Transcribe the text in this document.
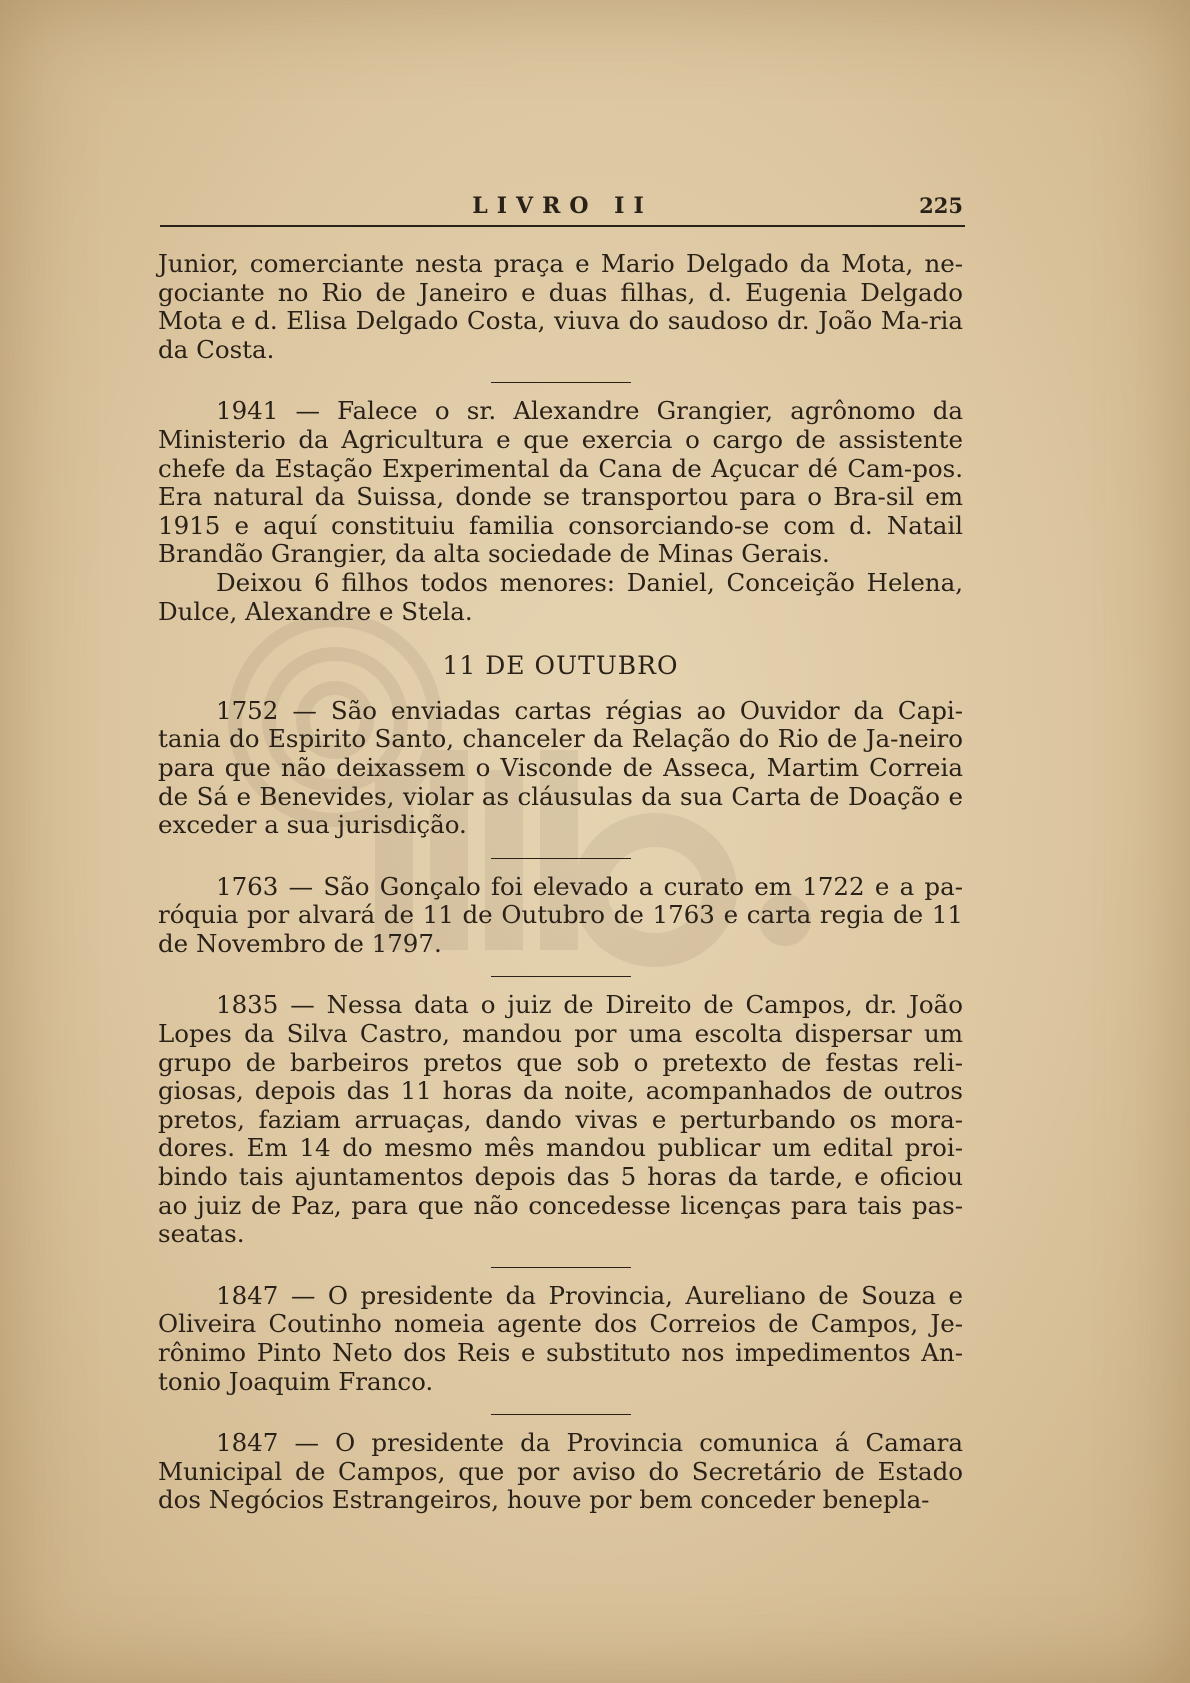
LIVRO II	225

Junior, comerciante nesta praça e Mario Delgado da Mota, ne-gociante no Rio de Janeiro e duas filhas, d. Eugenia Delgado Mota e d. Elisa Delgado Costa, viuva do saudoso dr. João Ma-ria da Costa.

1941 — Falece o sr. Alexandre Grangier, agrônomo da Ministerio da Agricultura e que exercia o cargo de assistente chefe da Estação Experimental da Cana de Açucar dé Cam-pos. Era natural da Suissa, donde se transportou para o Bra-sil em 1915 e aquí constituiu familia consorciando-se com d. Natail Brandão Grangier, da alta sociedade de Minas Gerais.

Deixou 6 filhos todos menores: Daniel, Conceição Helena, Dulce, Alexandre e Stela.

11 DE OUTUBRO

1752 — São enviadas cartas régias ao Ouvidor da Capi-tania do Espirito Santo, chanceler da Relação do Rio de Ja-neiro para que não deixassem o Visconde de Asseca, Martim Correia de Sá e Benevides, violar as cláusulas da sua Carta de Doação e exceder a sua jurisdição.

1763 — São Gonçalo foi elevado a curato em 1722 e a pa-róquia por alvará de 11 de Outubro de 1763 e carta regia de 11 de Novembro de 1797.

1835 — Nessa data o juiz de Direito de Campos, dr. João Lopes da Silva Castro, mandou por uma escolta dispersar um grupo de barbeiros pretos que sob o pretexto de festas reli-giosas, depois das 11 horas da noite, acompanhados de outros pretos, faziam arruaças, dando vivas e perturbando os mora-dores. Em 14 do mesmo mês mandou publicar um edital proi-bindo tais ajuntamentos depois das 5 horas da tarde, e oficiou ao juiz de Paz, para que não concedesse licenças para tais pas-seatas.

1847 — O presidente da Provincia, Aureliano de Souza e Oliveira Coutinho nomeia agente dos Correios de Campos, Je-rônimo Pinto Neto dos Reis e substituto nos impedimentos An-tonio Joaquim Franco.

1847 — O presidente da Provincia comunica á Camara Municipal de Campos, que por aviso do Secretário de Estado dos Negócios Estrangeiros, houve por bem conceder benepla-
